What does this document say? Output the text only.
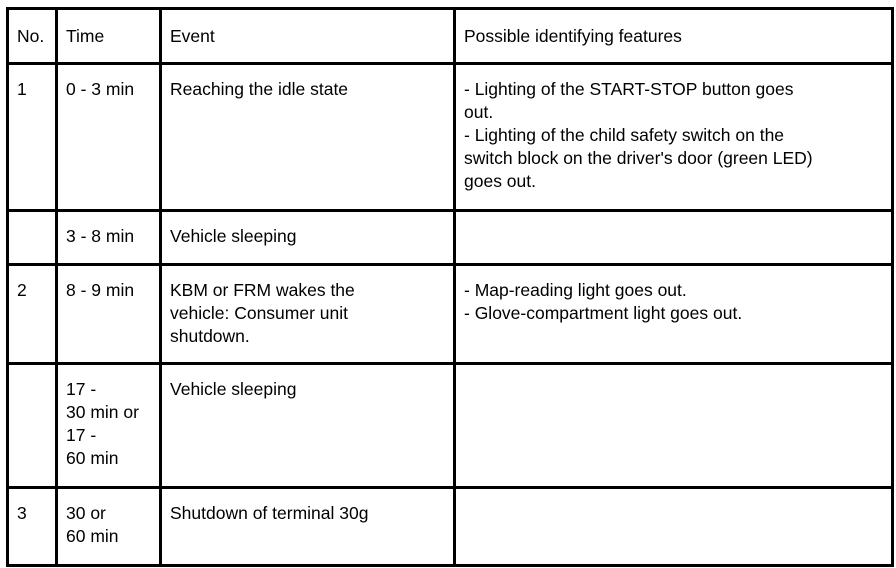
No.	Time	Event	Possible identifying features
1	0 - 3 min	Reaching the idle state	- Lighting of the START-STOP button goes
out.
- Lighting of the child safety switch on the
switch block on the driver's door (green LED)
goes out.

	3 - 8 min	Vehicle sleeping	

2	8 - 9 min	KBM or FRM wakes the
vehicle: Consumer unit
shutdown.	- Map-reading light goes out.
- Glove-compartment light goes out.

	17 -
30 min or
17 -
60 min	Vehicle sleeping	

3	30 or
60 min	Shutdown of terminal 30g	
